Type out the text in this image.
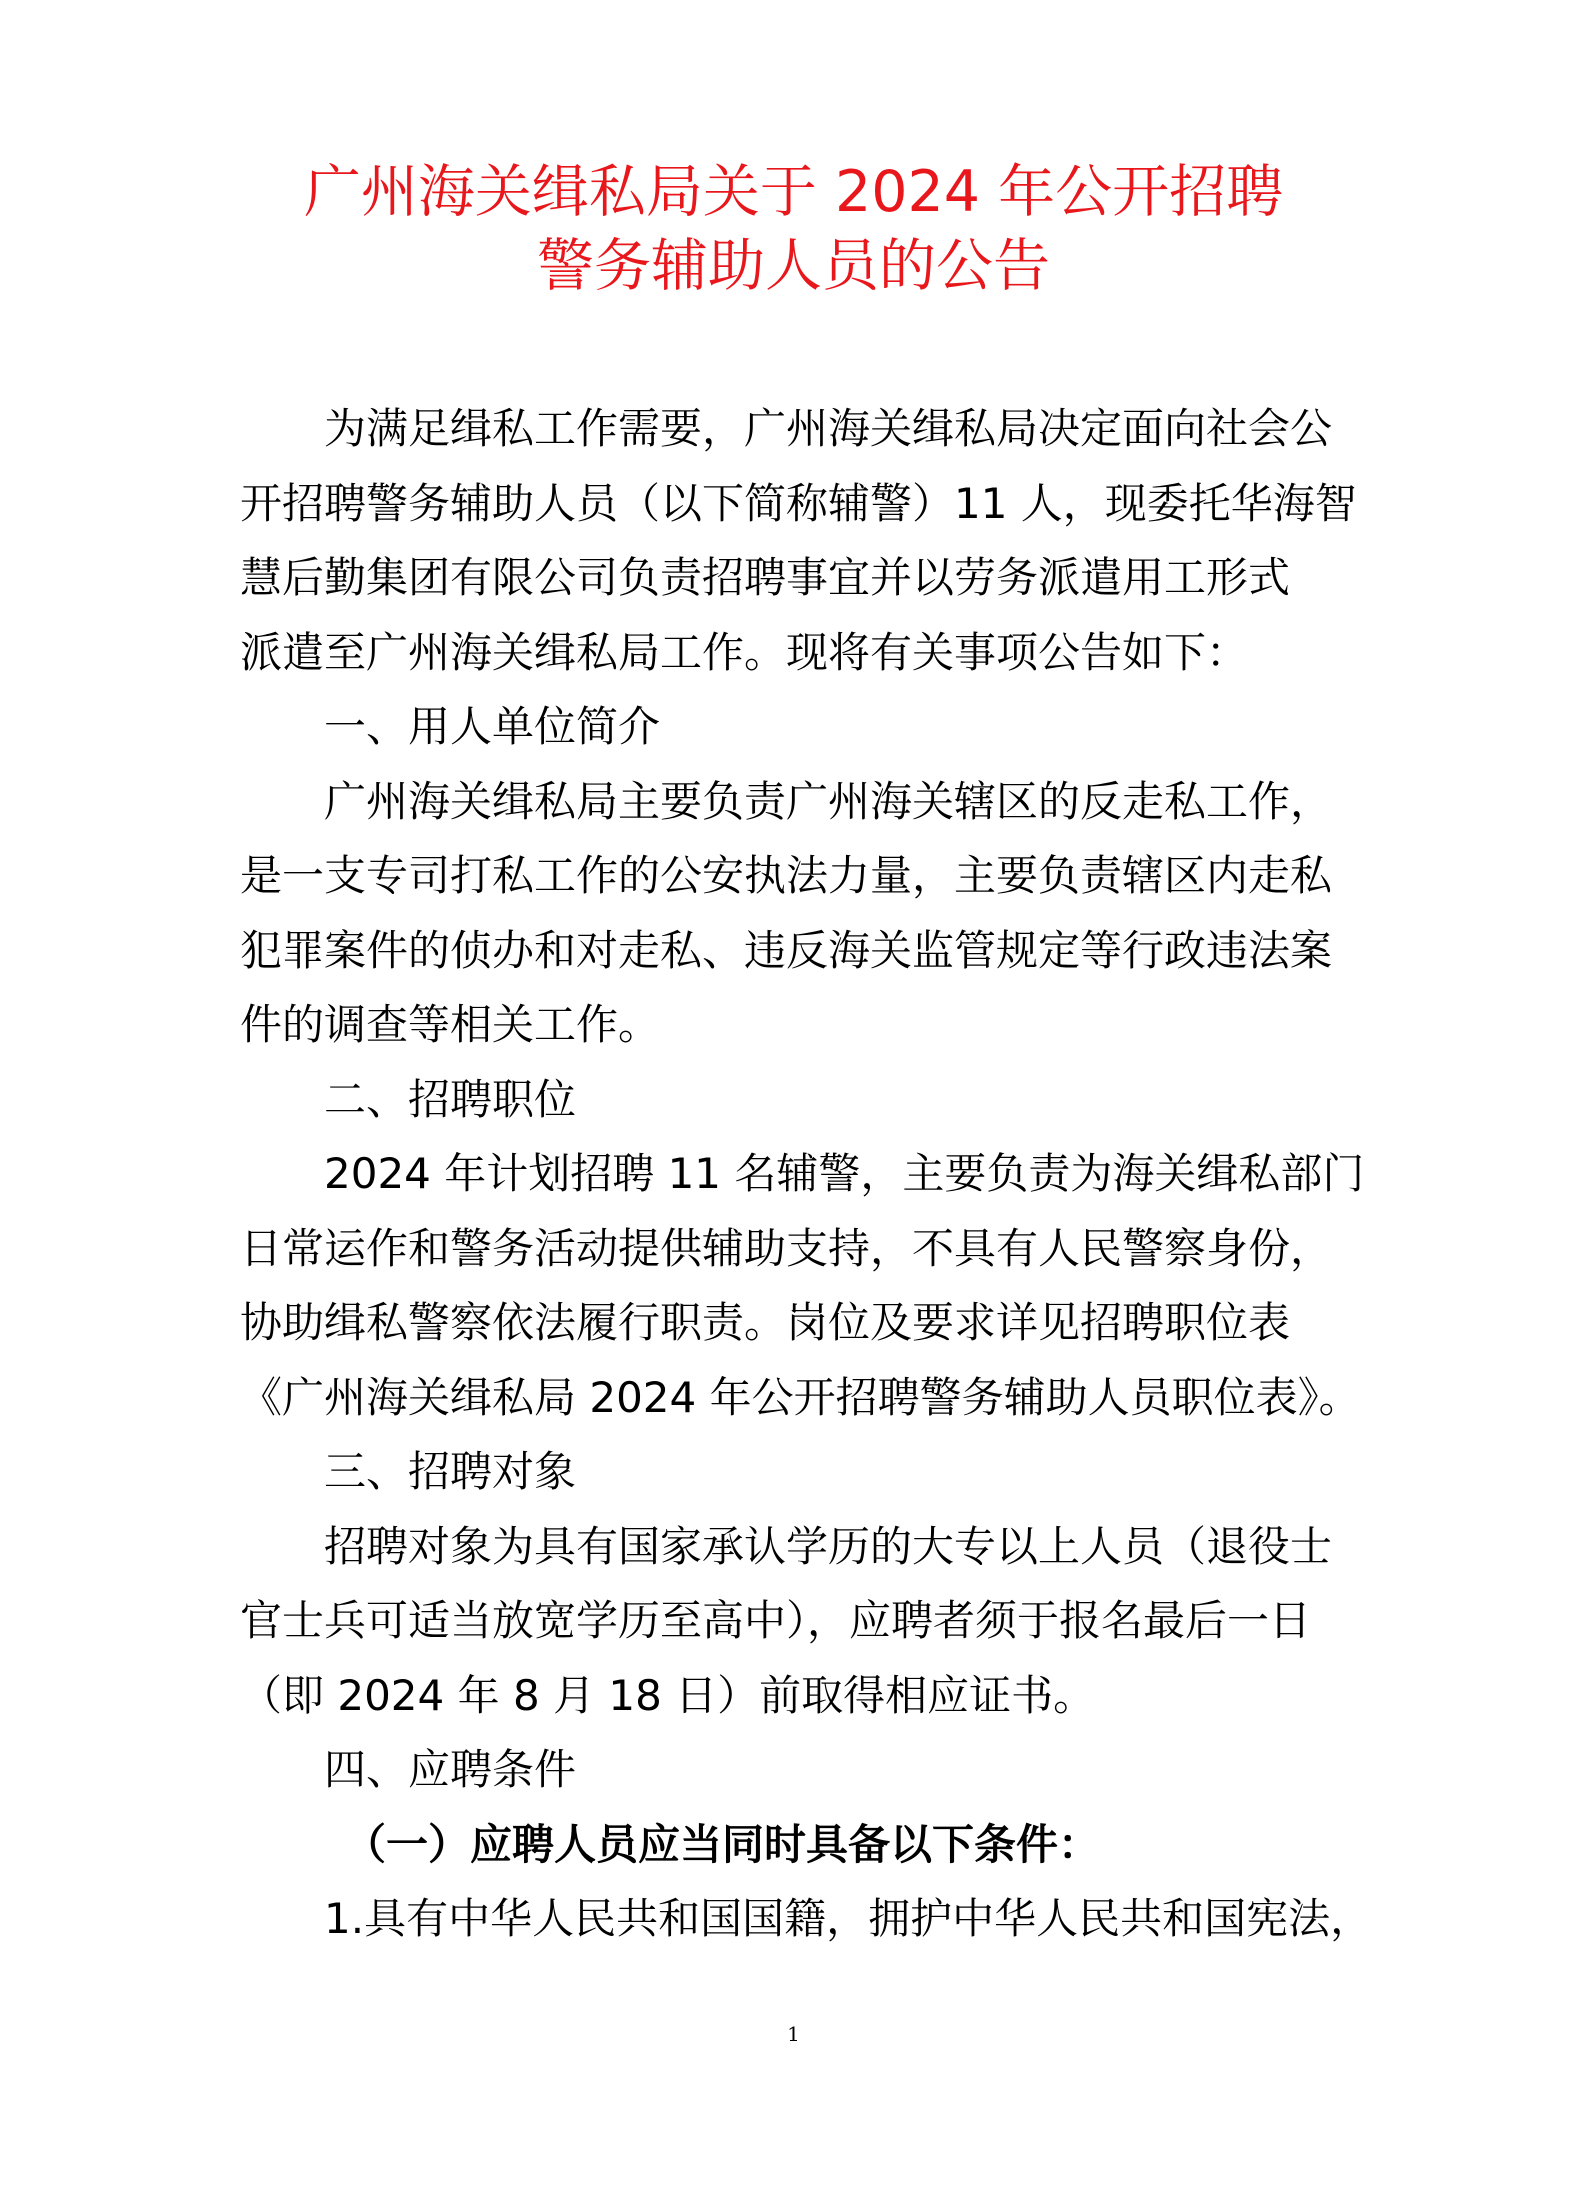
广州海关缉私局关于 2024 年公开招聘
警务辅助人员的公告

为满足缉私工作需要，广州海关缉私局决定面向社会公

开招聘警务辅助人员（以下简称辅警）11 人，现委托华海智

慧后勤集团有限公司负责招聘事宜并以劳务派遣用工形式

派遣至广州海关缉私局工作。现将有关事项公告如下：

一、用人单位简介

广州海关缉私局主要负责广州海关辖区的反走私工作，

是一支专司打私工作的公安执法力量，主要负责辖区内走私

犯罪案件的侦办和对走私、违反海关监管规定等行政违法案

件的调查等相关工作。

二、招聘职位

2024 年计划招聘 11 名辅警，主要负责为海关缉私部门

日常运作和警务活动提供辅助支持，不具有人民警察身份，

协助缉私警察依法履行职责。岗位及要求详见招聘职位表

《广州海关缉私局 2024 年公开招聘警务辅助人员职位表》。

三、招聘对象

招聘对象为具有国家承认学历的大专以上人员（退役士

官士兵可适当放宽学历至高中），应聘者须于报名最后一日

（即 2024 年 8 月 18 日）前取得相应证书。

四、应聘条件

（一）应聘人员应当同时具备以下条件：

1.具有中华人民共和国国籍，拥护中华人民共和国宪法，

1
